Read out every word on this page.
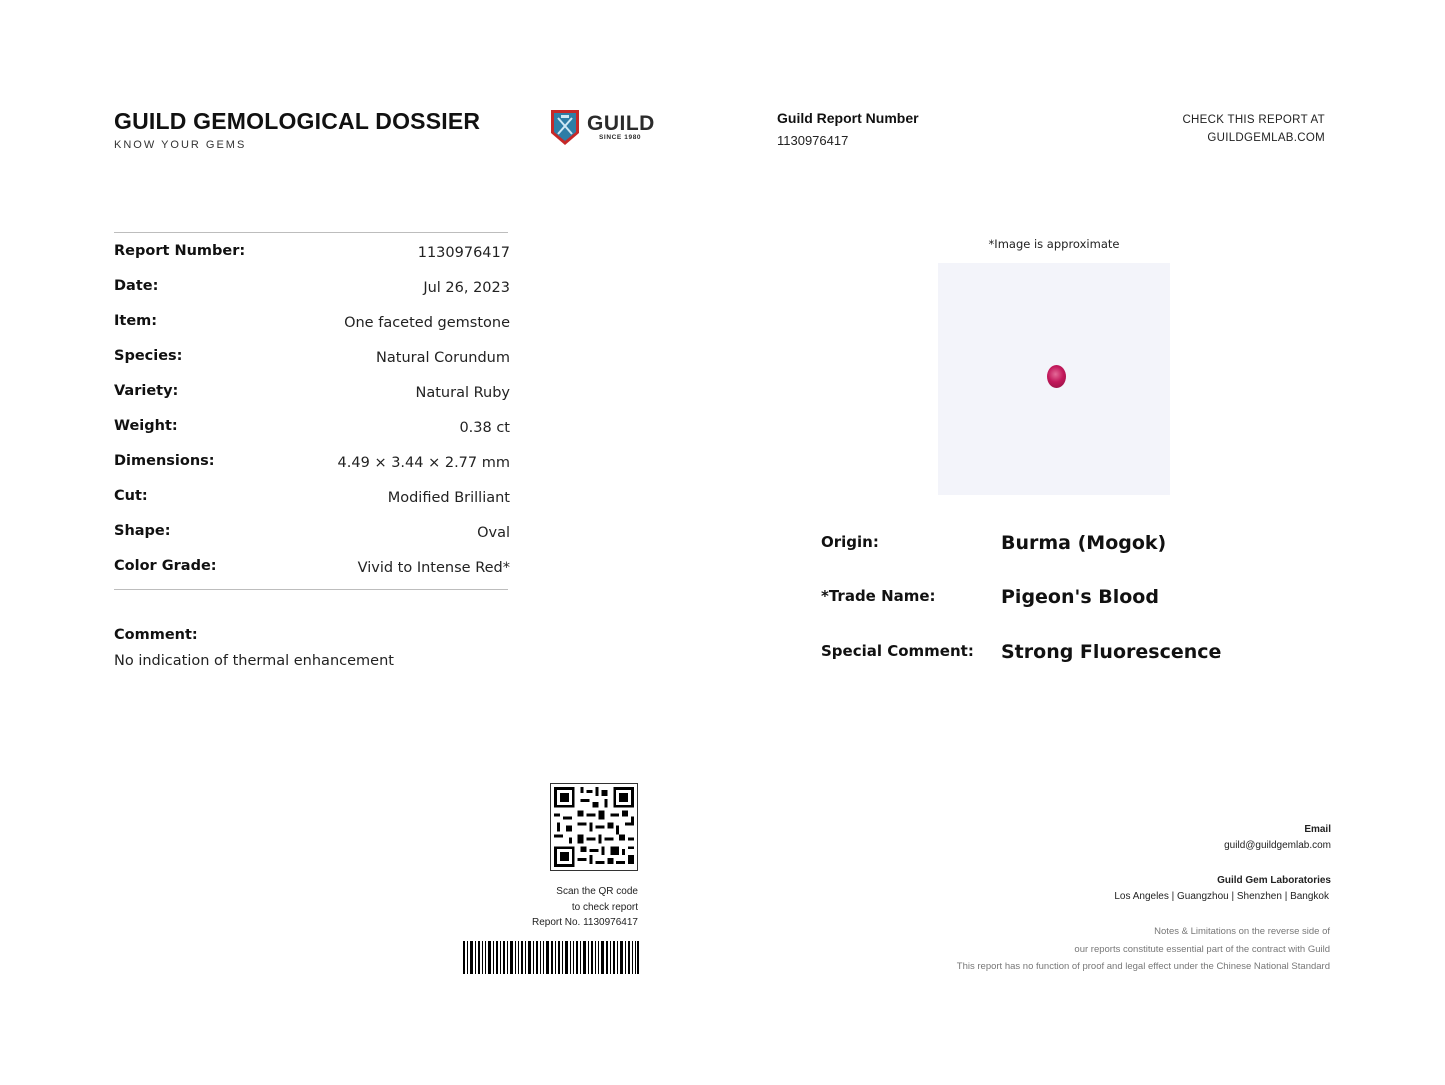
GUILD GEMOLOGICAL DOSSIER
KNOW YOUR GEMS
GUILD
SINCE 1980
Guild Report Number
1130976417
CHECK THIS REPORT AT
GUILDGEMLAB.COM
Report Number:	1130976417
Date:	Jul 26, 2023
Item:	One faceted gemstone
Species:	Natural Corundum
Variety:	Natural Ruby
Weight:	0.38 ct
Dimensions:	4.49 × 3.44 × 2.77 mm
Cut:	Modified Brilliant
Shape:	Oval
Color Grade:	Vivid to Intense Red*
Comment:
No indication of thermal enhancement
*Image is approximate
Origin:	Burma (Mogok)
*Trade Name:	Pigeon's Blood
Special Comment: Strong Fluorescence
Scan the QR code
to check report
Report No. 1130976417
Email
guild@guildgemlab.com
Guild Gem Laboratories
Los Angeles | Guangzhou | Shenzhen | Bangkok
Notes & Limitations on the reverse side of
our reports constitute essential part of the contract with Guild
This report has no function of proof and legal effect under the Chinese National Standard
